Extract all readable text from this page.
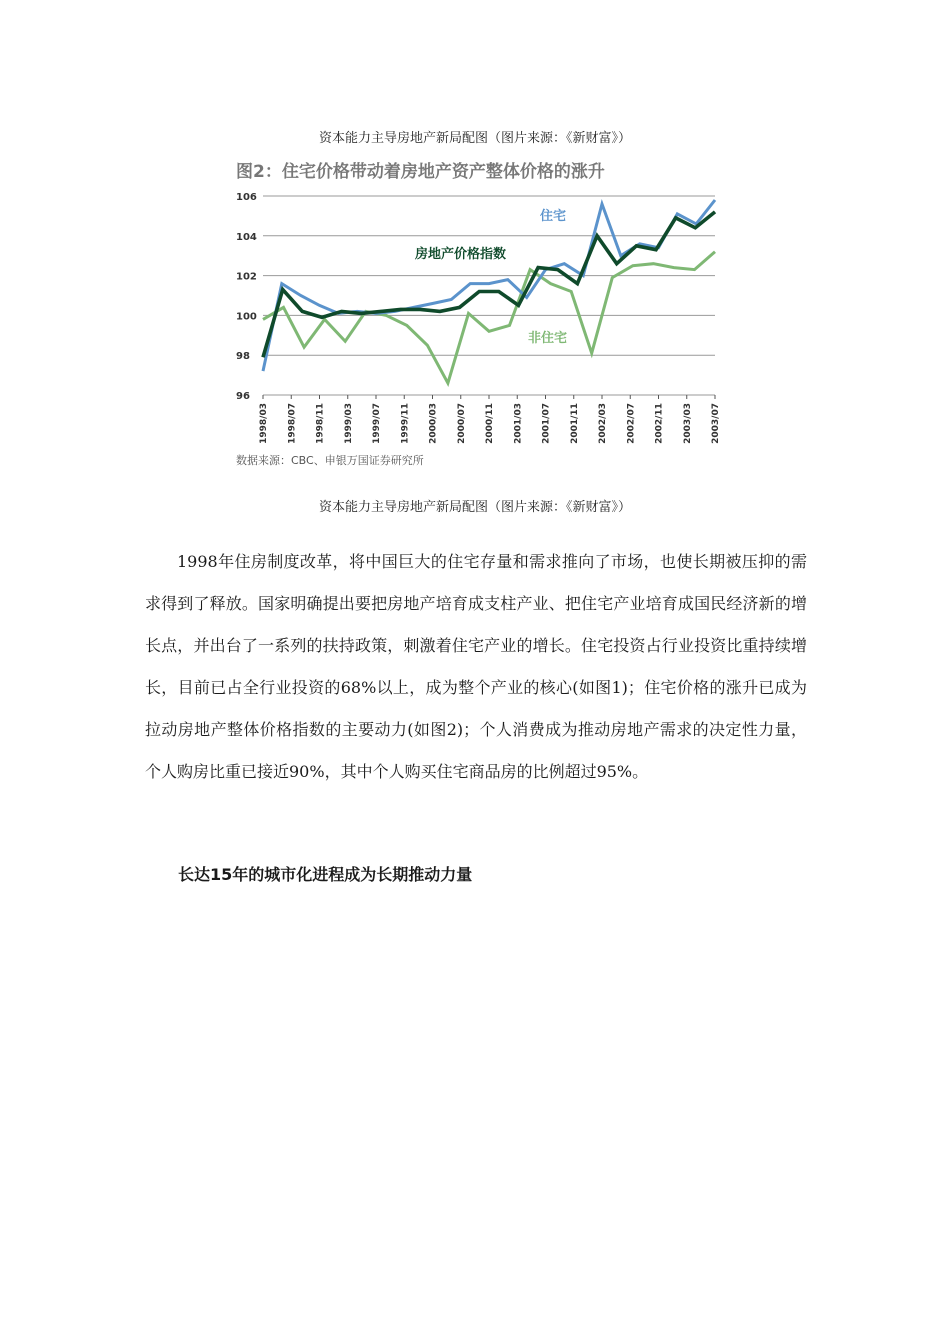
资本能力主导房地产新局配图（图片来源：《新财富》）
图2：住宅价格带动着房地产资产整体价格的涨升
96
98
100
102
104
106
1998/03 1998/07 1998/11 1999/03 1999/07 1999/11 2000/03 2000/07 2000/11 2001/03 2001/07 2001/11 2002/03 2002/07 2002/11 2003/03 2003/07
住宅
房地产价格指数
非住宅
数据来源：CBC、申银万国证券研究所
资本能力主导房地产新局配图（图片来源：《新财富》）

1998年住房制度改革，将中国巨大的住宅存量和需求推向了市场，也使长期被压抑的需求得到了释放。国家明确提出要把房地产培育成支柱产业、把住宅产业培育成国民经济新的增长点，并出台了一系列的扶持政策，刺激着住宅产业的增长。住宅投资占行业投资比重持续增长，目前已占全行业投资的68%以上，成为整个产业的核心(如图1)；住宅价格的涨升已成为拉动房地产整体价格指数的主要动力(如图2)；个人消费成为推动房地产需求的决定性力量，个人购房比重已接近90%，其中个人购买住宅商品房的比例超过95%。

长达15年的城市化进程成为长期推动力量
